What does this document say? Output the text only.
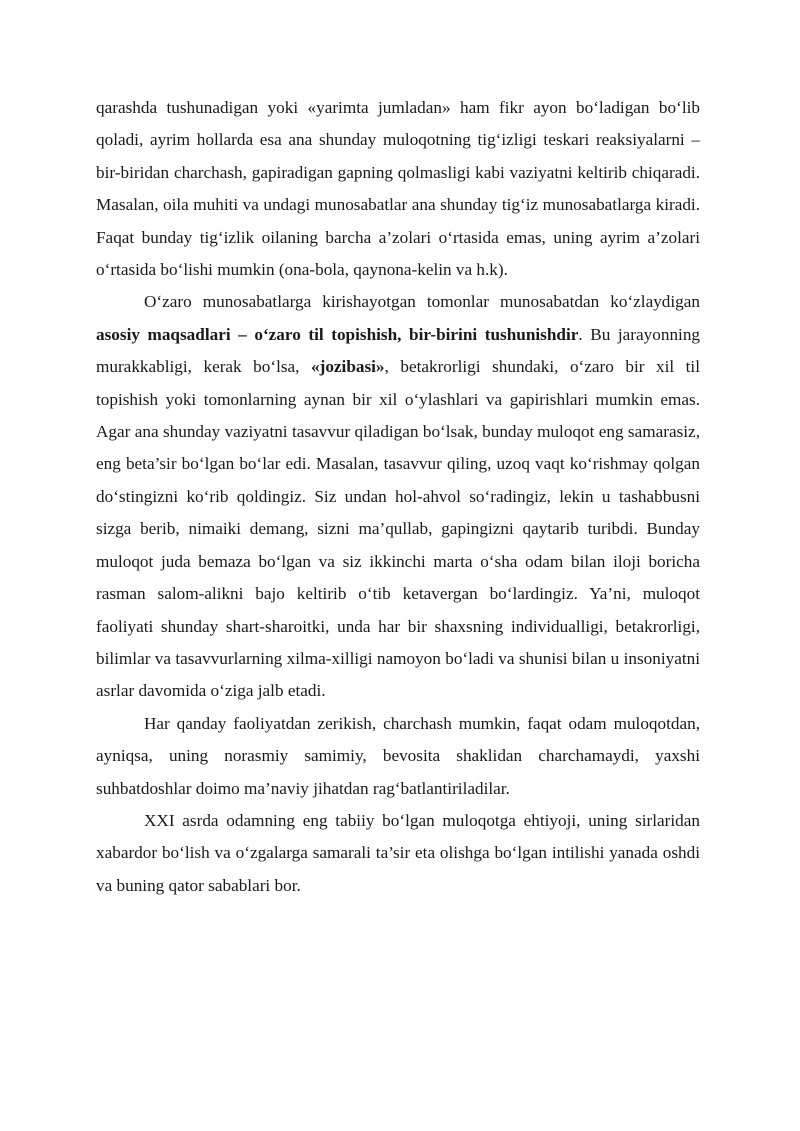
qarashda tushunadigan yoki «yarimta jumladan» ham fikr ayon bo‘ladigan bo‘lib qoladi, ayrim hollarda esa ana shunday muloqotning tig‘izligi teskari reaksiyalarni – bir-biridan charchash, gapiradigan gapning qolmasligi kabi vaziyatni keltirib chiqaradi. Masalan, oila muhiti va undagi munosabatlar ana shunday tig‘iz munosabatlarga kiradi. Faqat bunday tig‘izlik oilaning barcha a’zolari o‘rtasida emas, uning ayrim a’zolari o‘rtasida bo‘lishi mumkin (ona-bola, qaynona-kelin va h.k).

O‘zaro munosabatlarga kirishayotgan tomonlar munosabatdan ko‘zlaydigan asosiy maqsadlari – o‘zaro til topishish, bir-birini tushunishdir. Bu jarayonning murakkabligi, kerak bo‘lsa, «jozibasi», betakrorligi shundaki, o‘zaro bir xil til topishish yoki tomonlarning aynan bir xil o‘ylashlari va gapirishlari mumkin emas. Agar ana shunday vaziyatni tasavvur qiladigan bo‘lsak, bunday muloqot eng samarasiz, eng beta’sir bo‘lgan bo‘lar edi. Masalan, tasavvur qiling, uzoq vaqt ko‘rishmay qolgan do‘stingizni ko‘rib qoldingiz. Siz undan hol-ahvol so‘radingiz, lekin u tashabbusni sizga berib, nimaiki demang, sizni ma’qullab, gapingizni qaytarib turibdi. Bunday muloqot juda bemaza bo‘lgan va siz ikkinchi marta o‘sha odam bilan iloji boricha rasman salom-alikni bajo keltirib o‘tib ketavergan bo‘lardingiz. Ya’ni, muloqot faoliyati shunday shart-sharoitki, unda har bir shaxsning individualligi, betakrorligi, bilimlar va tasavvurlarning xilma-xilligi namoyon bo‘ladi va shunisi bilan u insoniyatni asrlar davomida o‘ziga jalb etadi.

Har qanday faoliyatdan zerikish, charchash mumkin, faqat odam muloqotdan, ayniqsa, uning norasmiy samimiy, bevosita shaklidan charchamaydi, yaxshi suhbatdoshlar doimo ma’naviy jihatdan rag‘batlantiriladilar.

XXI asrda odamning eng tabiiy bo‘lgan muloqotga ehtiyoji, uning sirlaridan xabardor bo‘lish va o‘zgalarga samarali ta’sir eta olishga bo‘lgan intilishi yanada oshdi va buning qator sabablari bor.
